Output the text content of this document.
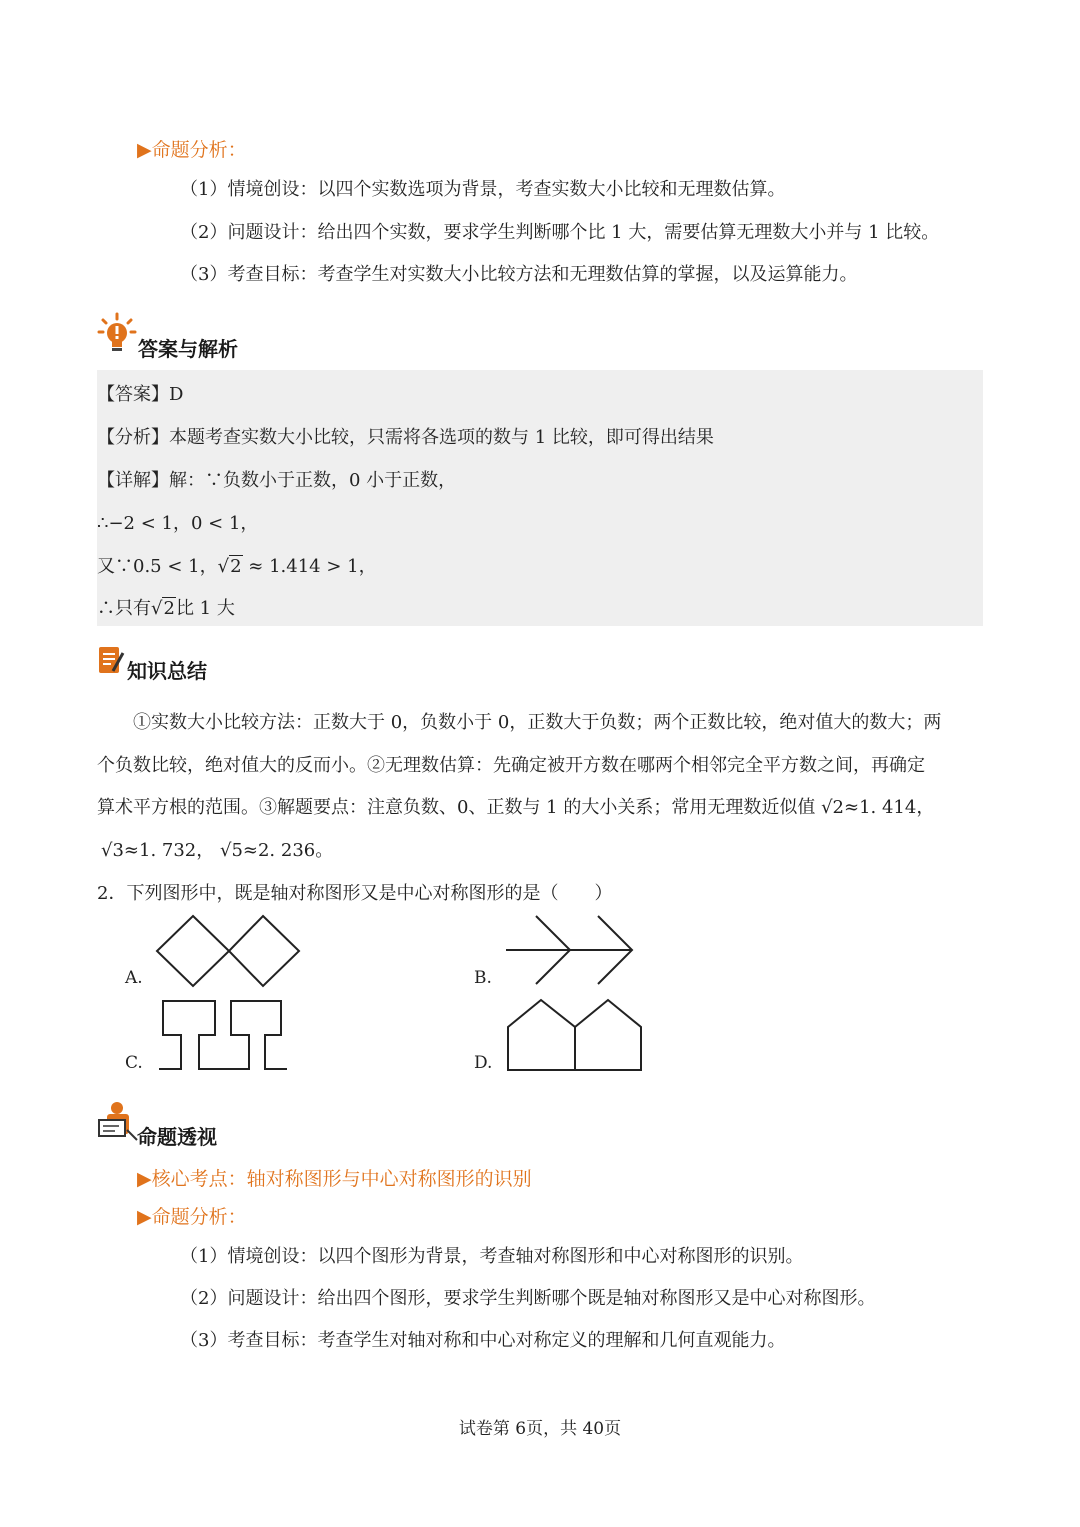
▶命题分析：
（1）情境创设：以四个实数选项为背景，考查实数大小比较和无理数估算。
（2）问题设计：给出四个实数，要求学生判断哪个比 1 大，需要估算无理数大小并与 1 比较。
（3）考查目标：考查学生对实数大小比较方法和无理数估算的掌握，以及运算能力。
答案与解析
【答案】D
【分析】本题考查实数大小比较，只需将各选项的数与 1 比较，即可得出结果
【详解】解：∵负数小于正数，0 小于正数，
∴−2 < 1，0 < 1，
又∵0.5 < 1，√2 ≈ 1.414 > 1，
∴只有√2比 1 大
知识总结
①实数大小比较方法：正数大于 0，负数小于 0，正数大于负数；两个正数比较，绝对值大的数大；两
个负数比较，绝对值大的反而小。②无理数估算：先确定被开方数在哪两个相邻完全平方数之间，再确定
算术平方根的范围。③解题要点：注意负数、0、正数与 1 的大小关系；常用无理数近似值 √2≈1. 414，
√3≈1. 732， √5≈2. 236。
2．下列图形中，既是轴对称图形又是中心对称图形的是（　　）
A.	B.
C.	D.
命题透视
▶核心考点：轴对称图形与中心对称图形的识别
▶命题分析：
（1）情境创设：以四个图形为背景，考查轴对称图形和中心对称图形的识别。
（2）问题设计：给出四个图形，要求学生判断哪个既是轴对称图形又是中心对称图形。
（3）考查目标：考查学生对轴对称和中心对称定义的理解和几何直观能力。
试卷第 6页，共 40页
